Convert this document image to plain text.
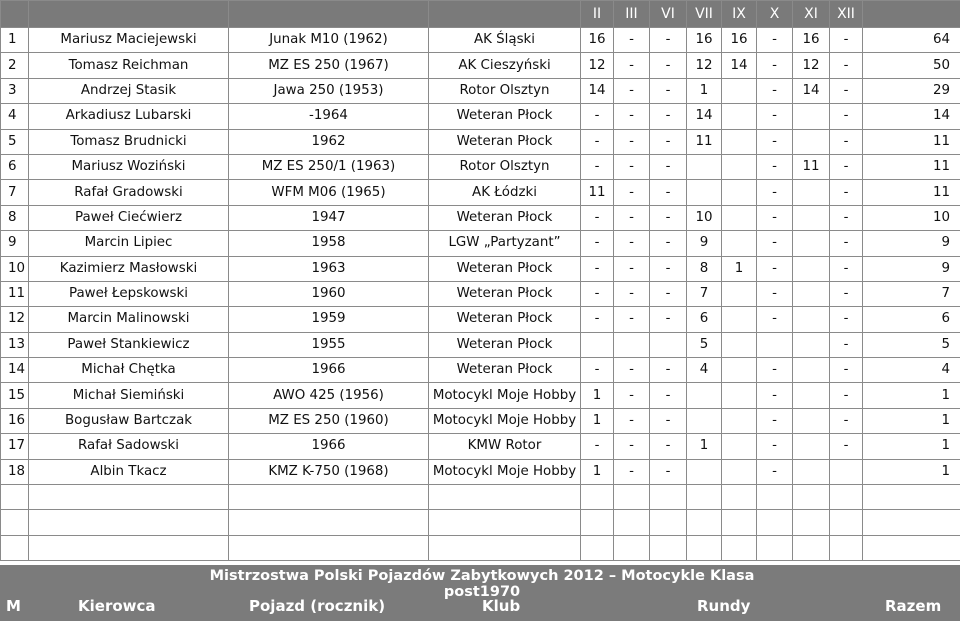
				II	III	VI	VII	IX	X	XI	XII	
1	Mariusz Maciejewski	Junak M10 (1962)	AK Śląski	16	-	-	16	16	-	16	-	64
2	Tomasz Reichman	MZ ES 250 (1967)	AK Cieszyński	12	-	-	12	14	-	12	-	50
3	Andrzej Stasik	Jawa 250 (1953)	Rotor Olsztyn	14	-	-	1		-	14	-	29
4	Arkadiusz Lubarski	-1964	Weteran Płock	-	-	-	14		-		-	14
5	Tomasz Brudnicki	1962	Weteran Płock	-	-	-	11		-		-	11
6	Mariusz Woziński	MZ ES 250/1 (1963)	Rotor Olsztyn	-	-	-			-	11	-	11
7	Rafał Gradowski	WFM M06 (1965)	AK Łódzki	11	-	-			-		-	11
8	Paweł Ciećwierz	1947	Weteran Płock	-	-	-	10		-		-	10
9	Marcin Lipiec	1958	LGW „Partyzant”	-	-	-	9		-		-	9
10	Kazimierz Masłowski	1963	Weteran Płock	-	-	-	8	1	-		-	9
11	Paweł Łepskowski	1960	Weteran Płock	-	-	-	7		-		-	7
12	Marcin Malinowski	1959	Weteran Płock	-	-	-	6		-		-	6
13	Paweł Stankiewicz	1955	Weteran Płock				5				-	5
14	Michał Chętka	1966	Weteran Płock	-	-	-	4		-		-	4
15	Michał Siemiński	AWO 425 (1956)	Motocykl Moje Hobby	1	-	-			-		-	1
16	Bogusław Bartczak	MZ ES 250 (1960)	Motocykl Moje Hobby	1	-	-			-		-	1
17	Rafał Sadowski	1966	KMW Rotor	-	-	-	1		-		-	1
18	Albin Tkacz	KMZ K-750 (1968)	Motocykl Moje Hobby	1	-	-			-			1

Mistrzostwa Polski Pojazdów Zabytkowych 2012 – Motocykle Klasa post1970
M	Kierowca	Pojazd (rocznik)	Klub	Rundy	Razem
